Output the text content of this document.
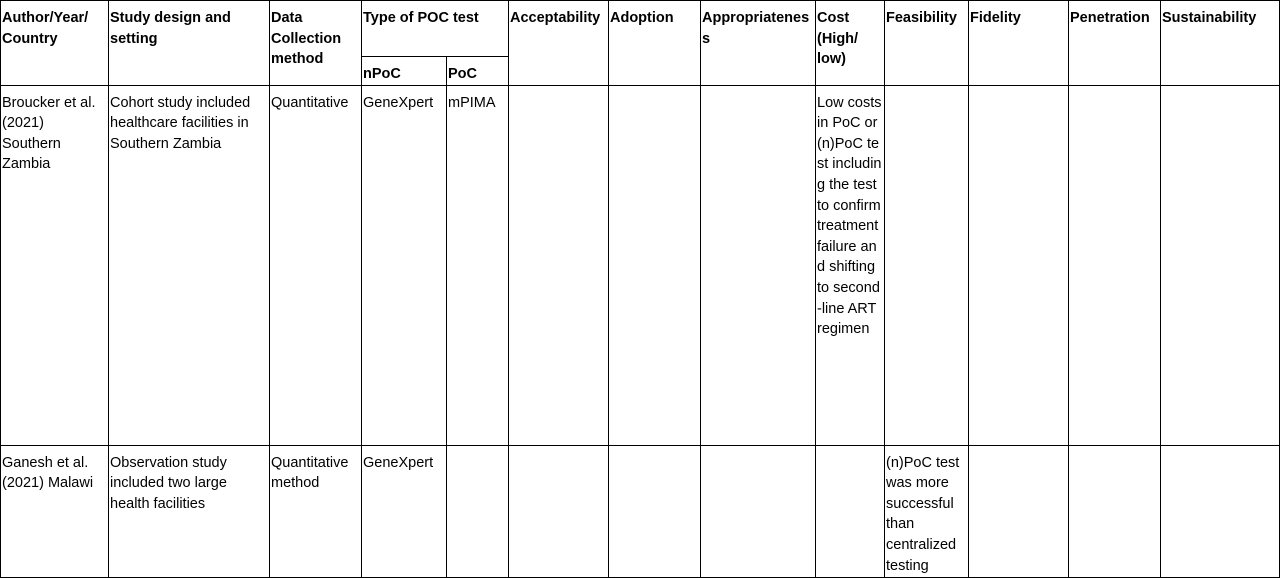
Author/Year/ Country	Study design and setting	Data Collection method	Type of POC test		Acceptability	Adoption	Appropriatenes s	Cost (High/ low)	Feasibility	Fidelity	Penetration	Sustainability
			nPoC	PoC								
Broucker et al. (2021) Southern Zambia	Cohort study included healthcare facilities in Southern Zambia	Quantitative	GeneXpert	mPIMA				Low costs in PoC or (n)PoC test including the test to confirm treatment failure and shifting to second-line ART regimen				
Ganesh et al. (2021) Malawi	Observation study included two large health facilities	Quantitative method	GeneXpert						(n)PoC test was more successful than centralized testing			
